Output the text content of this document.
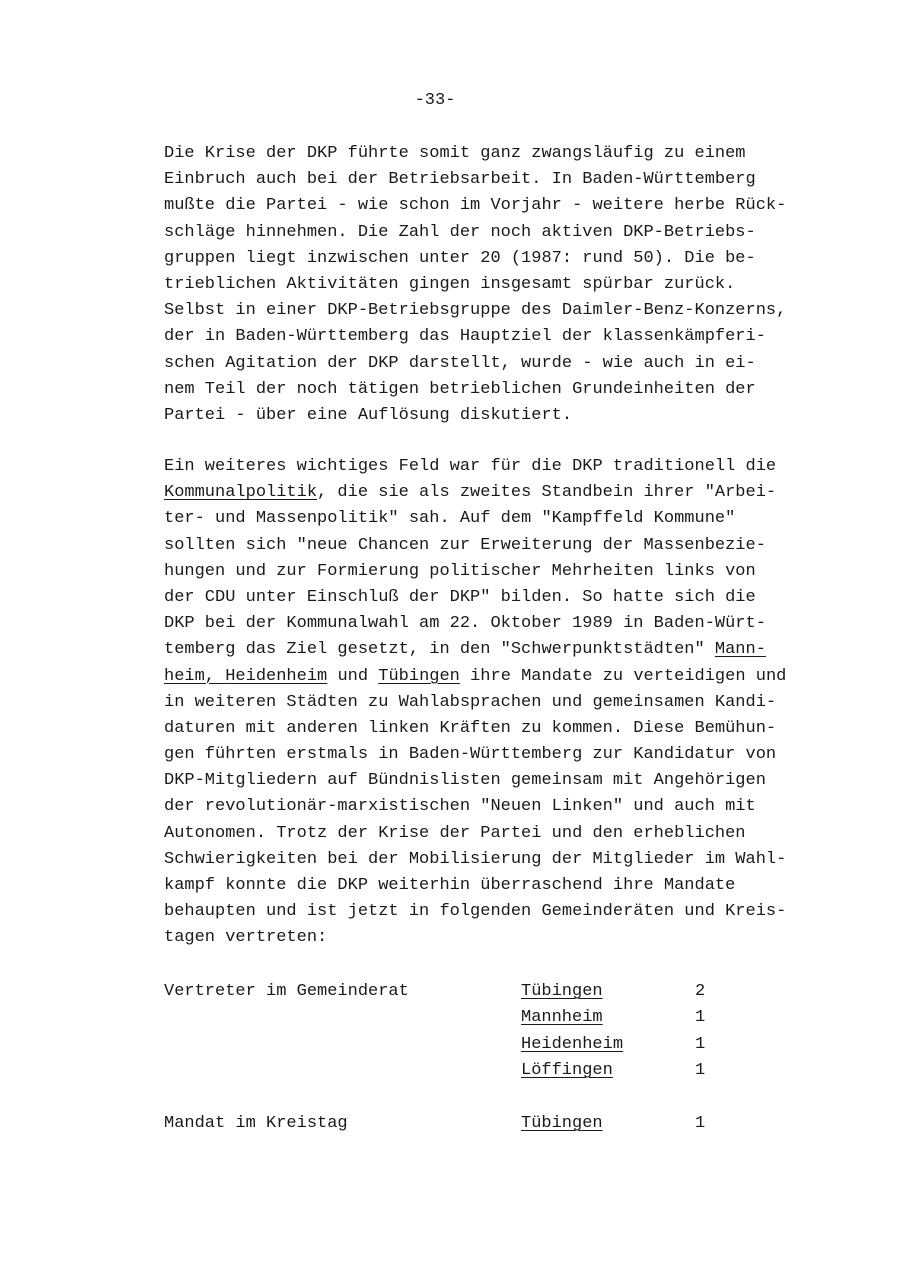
-33-
Die Krise der DKP führte somit ganz zwangsläufig zu einem
Einbruch auch bei der Betriebsarbeit. In Baden-Württemberg
mußte die Partei - wie schon im Vorjahr - weitere herbe Rück-
schläge hinnehmen. Die Zahl der noch aktiven DKP-Betriebs-
gruppen liegt inzwischen unter 20 (1987: rund 50). Die be-
trieblichen Aktivitäten gingen insgesamt spürbar zurück.
Selbst in einer DKP-Betriebsgruppe des Daimler-Benz-Konzerns,
der in Baden-Württemberg das Hauptziel der klassenkämpferi-
schen Agitation der DKP darstellt, wurde - wie auch in ei-
nem Teil der noch tätigen betrieblichen Grundeinheiten der
Partei - über eine Auflösung diskutiert.
Ein weiteres wichtiges Feld war für die DKP traditionell die
Kommunalpolitik, die sie als zweites Standbein ihrer "Arbei-
ter- und Massenpolitik" sah. Auf dem "Kampffeld Kommune"
sollten sich "neue Chancen zur Erweiterung der Massenbezie-
hungen und zur Formierung politischer Mehrheiten links von
der CDU unter Einschluß der DKP" bilden. So hatte sich die
DKP bei der Kommunalwahl am 22. Oktober 1989 in Baden-Würt-
temberg das Ziel gesetzt, in den "Schwerpunktstädten" Mann-
heim, Heidenheim und Tübingen ihre Mandate zu verteidigen und
in weiteren Städten zu Wahlabsprachen und gemeinsamen Kandi-
daturen mit anderen linken Kräften zu kommen. Diese Bemühun-
gen führten erstmals in Baden-Württemberg zur Kandidatur von
DKP-Mitgliedern auf Bündnislisten gemeinsam mit Angehörigen
der revolutionär-marxistischen "Neuen Linken" und auch mit
Autonomen. Trotz der Krise der Partei und den erheblichen
Schwierigkeiten bei der Mobilisierung der Mitglieder im Wahl-
kampf konnte die DKP weiterhin überraschend ihre Mandate
behaupten und ist jetzt in folgenden Gemeinderäten und Kreis-
tagen vertreten:
Vertreter im Gemeinderat	Tübingen	2
Mannheim	1
Heidenheim	1
Löffingen	1
Mandat im Kreistag	Tübingen	1
